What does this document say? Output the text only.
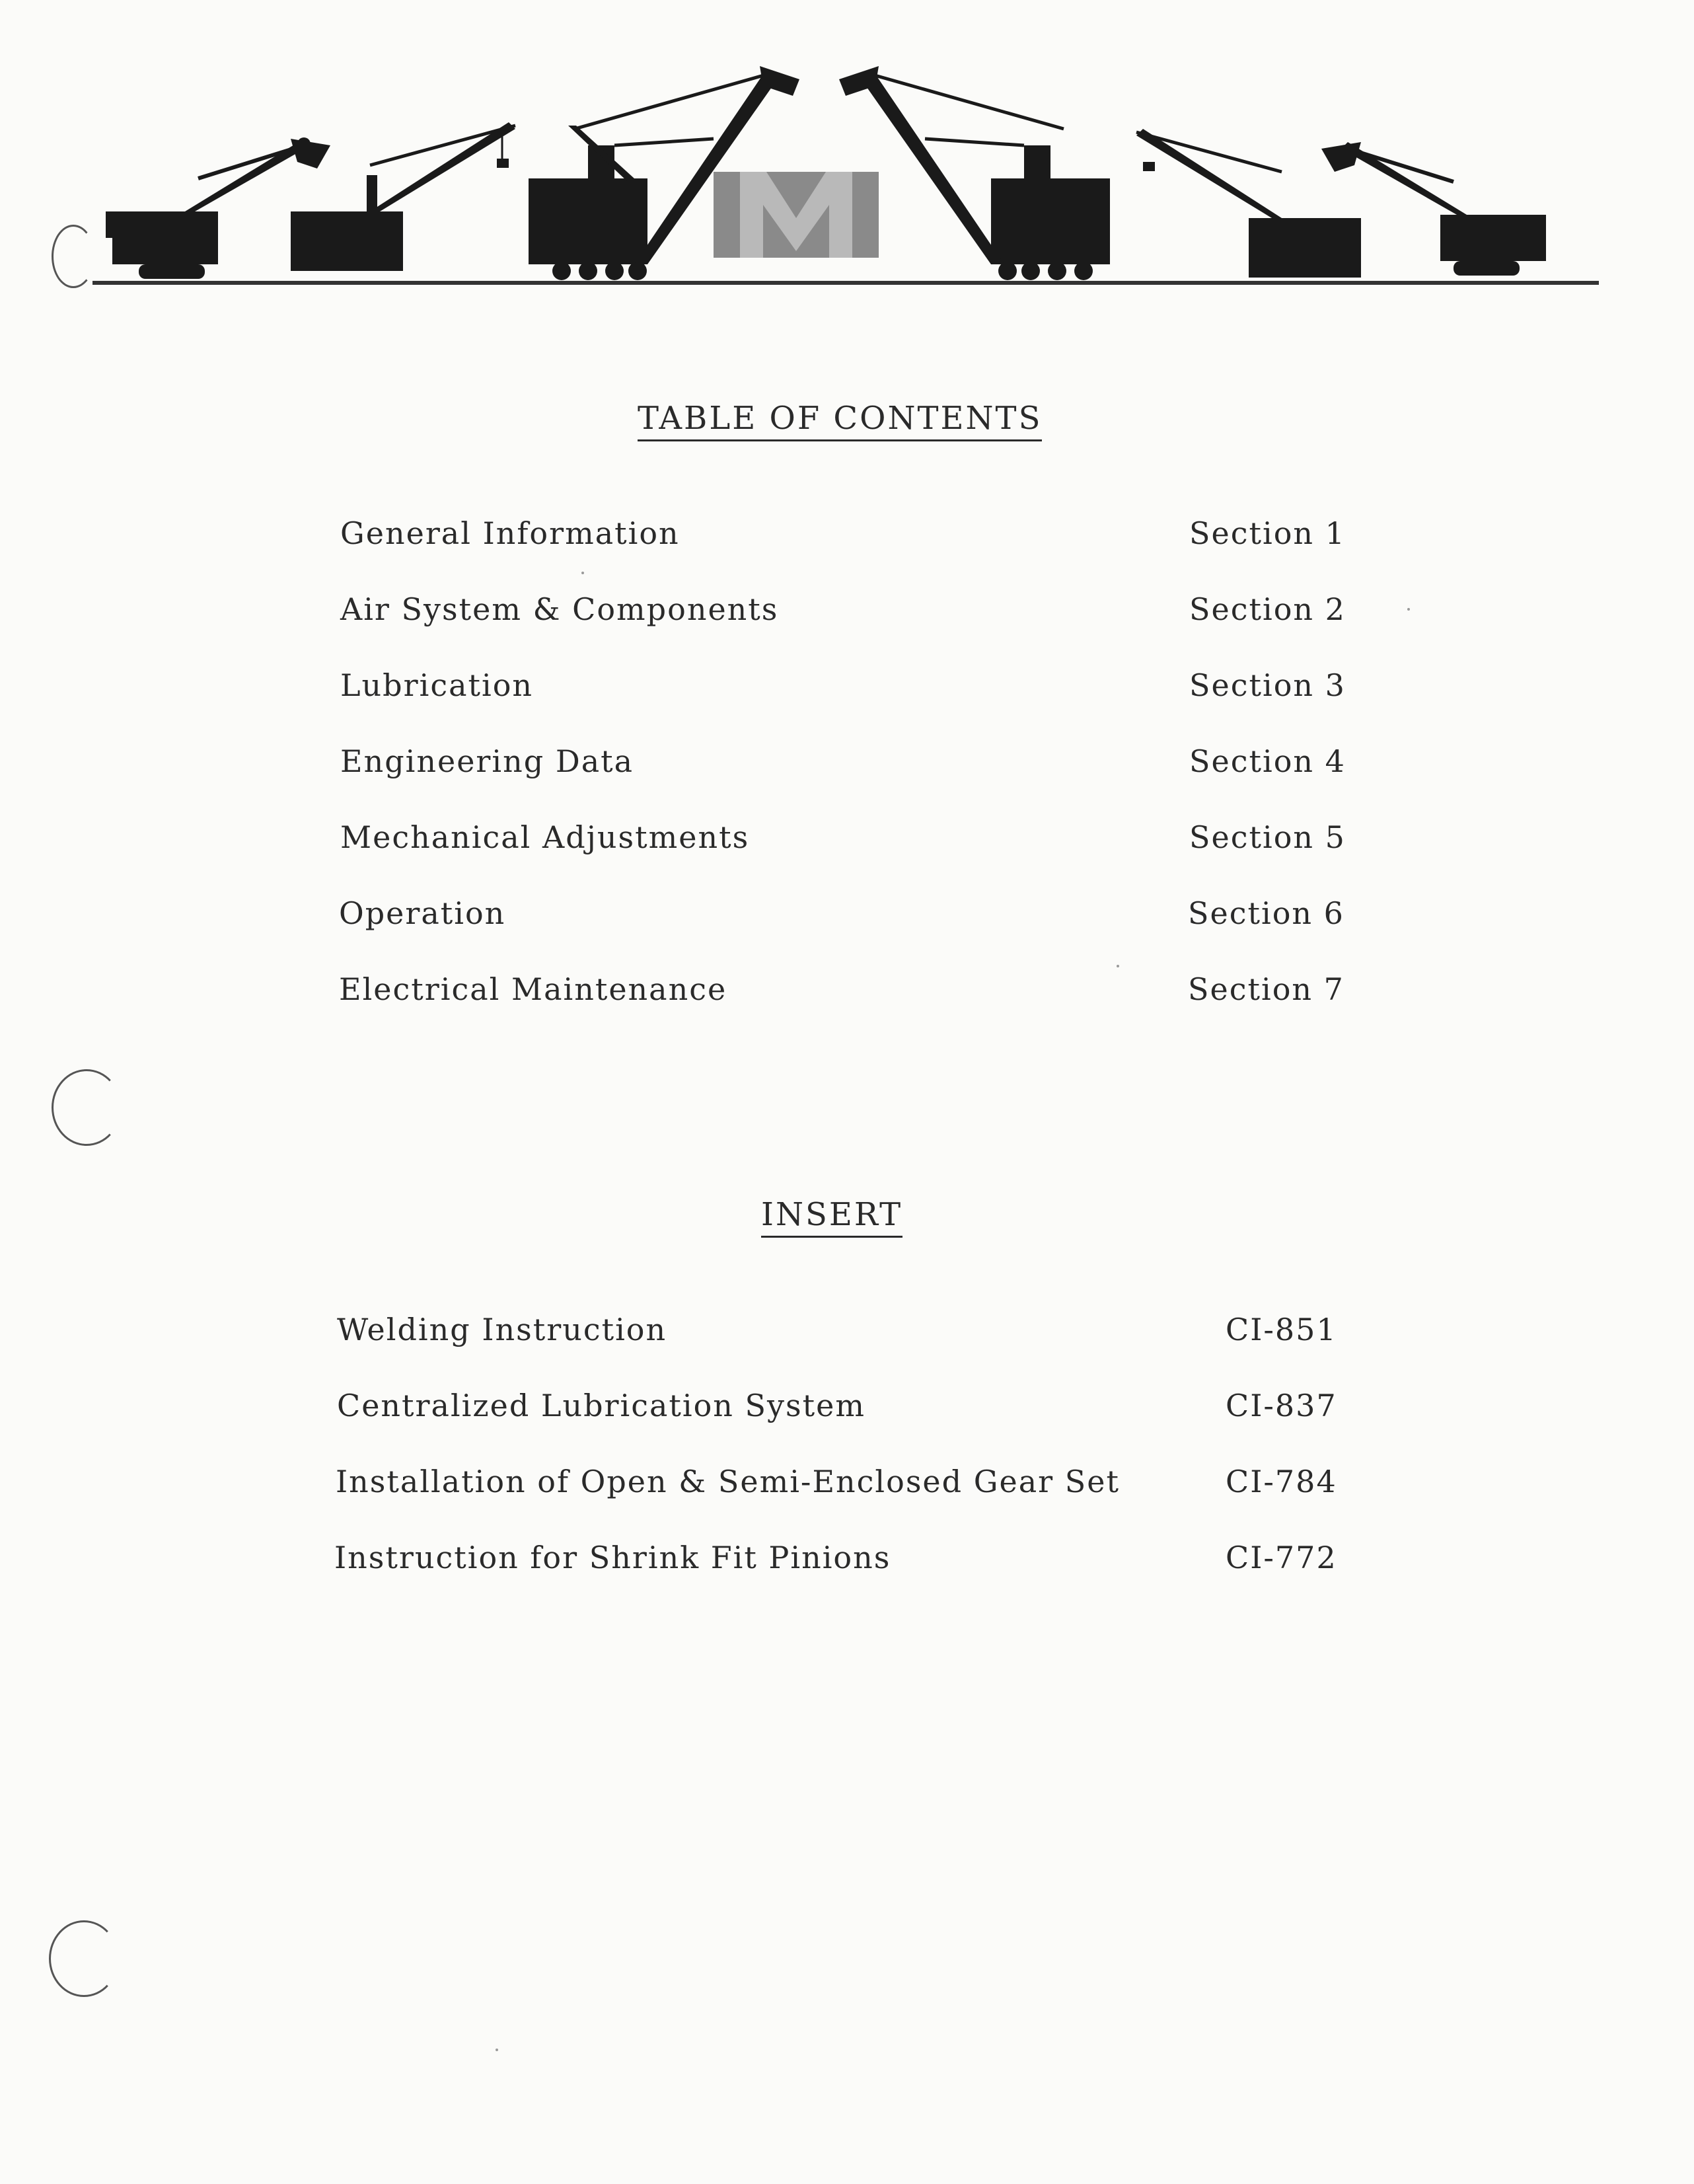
TABLE OF CONTENTS
General Information	Section 1
Air System & Components	Section 2
Lubrication	Section 3
Engineering Data	Section 4
Mechanical Adjustments	Section 5
Operation	Section 6
Electrical Maintenance	Section 7
INSERT
Welding Instruction	CI-851
Centralized Lubrication System	CI-837
Installation of Open & Semi-Enclosed Gear Set	CI-784
Instruction for Shrink Fit Pinions	CI-772
